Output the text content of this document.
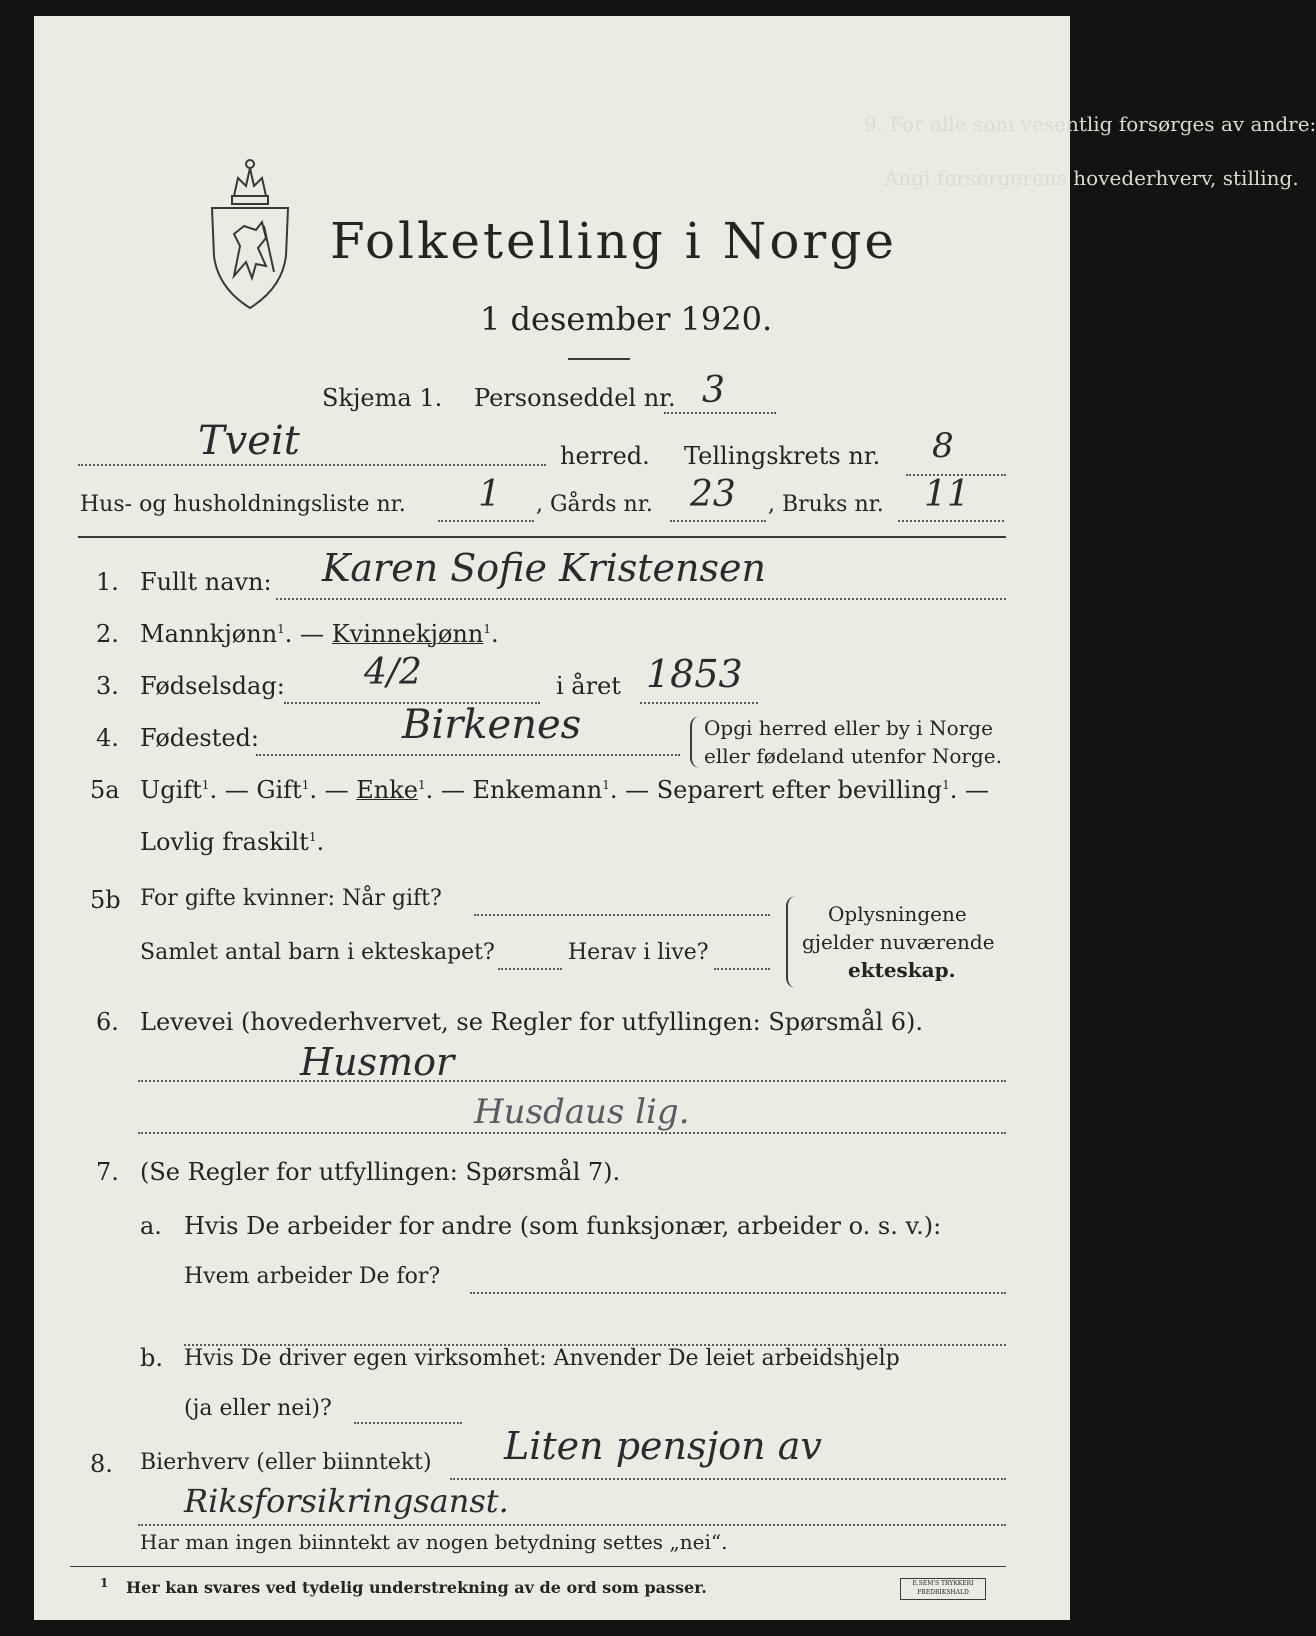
9. For alle som vesentlig forsørges av andre:
Angi forsørgerens hovederhverv, stilling.
Folketelling i Norge
1 desember 1920.
Skjema 1. Personseddel nr. 3
Tveit	herred. Tellingskrets nr. 8
Hus- og husholdningsliste nr. 1 , Gårds nr. 23 , Bruks nr. 11
1. Fullt navn: Karen Sofie Kristensen
2. Mannkjønn$^1$. — Kvinnekjønn$^1$.
3. Fødselsdag: 4/2	i året 1853
4. Fødested:	Birkenes	Opgi herred eller by i Norge
eller fødeland utenfor Norge.
5a Ugift$^1$. — Gift$^1$. — Enke$^1$. — Enkemann$^1$. — Separert efter bevilling$^1$. —
Lovlig fraskilt$^1$.
5b For gifte kvinner: Når gift?
Samlet antal barn i ekteskapet?	Herav i live?
Oplysningene
gjelder nuværende
ekteskap.
6. Levevei (hovederhvervet, se Regler for utfyllingen: Spørsmål 6).
Husmor
Husdaus lig.
7. (Se Regler for utfyllingen: Spørsmål 7).
a. Hvis De arbeider for andre (som funksjonær, arbeider o. s. v.):
Hvem arbeider De for?
b. Hvis De driver egen virksomhet: Anvender De leiet arbeidshjelp
(ja eller nei)?
8. Bierhverv (eller biinntekt) Liten pensjon av
Riksforsikringsanst.
Har man ingen biinntekt av nogen betydning settes „nei“.
1 Her kan svares ved tydelig understrekning av de ord som passer.	E.SEM'S TRYKKERI
FREDRIKSHALD
